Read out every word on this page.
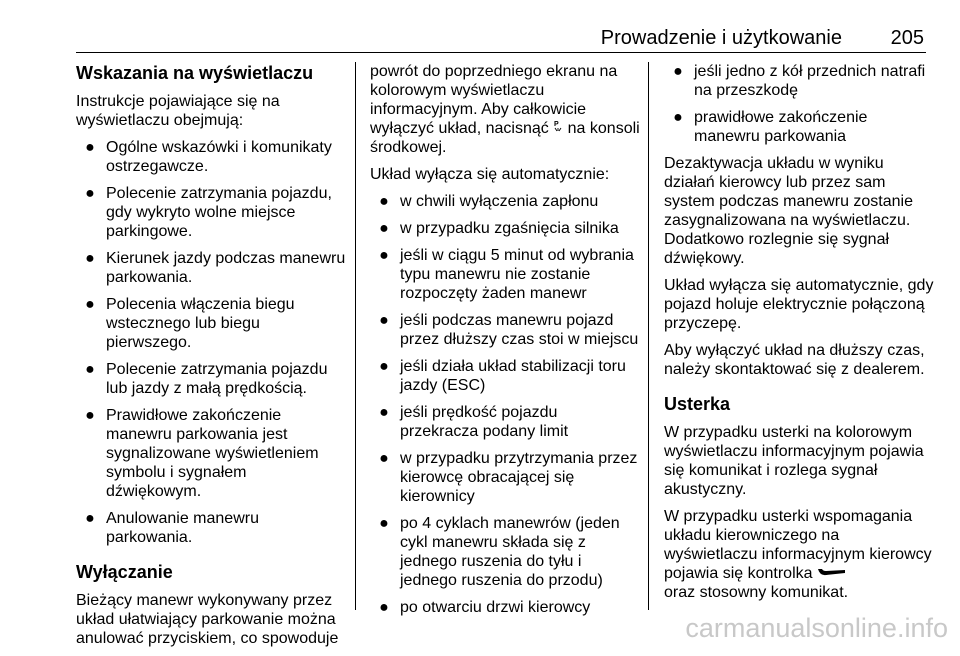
Prowadzenie i użytkowanie 205
Wskazania na wyświetlaczu

Instrukcje pojawiające się na wyświetlaczu obejmują:

● Ogólne wskazówki i komunikaty ostrzegawcze.
● Polecenie zatrzymania pojazdu, gdy wykryto wolne miejsce parkingowe.
● Kierunek jazdy podczas manewru parkowania.
● Polecenia włączenia biegu wstecznego lub biegu pierwszego.
● Polecenie zatrzymania pojazdu lub jazdy z małą prędkością.
● Prawidłowe zakończenie manewru parkowania jest sygnalizowane wyświetleniem symbolu i sygnałem dźwiękowym.
● Anulowanie manewru parkowania.
Wyłączanie

Bieżący manewr wykonywany przez układ ułatwiający parkowanie można anulować przyciskiem, co spowoduje

powrót do poprzedniego ekranu na kolorowym wyświetlaczu informacyjnym. Aby całkowicie wyłączyć układ, nacisnąć P na konsoli środkowej.

Układ wyłącza się automatycznie:

● w chwili wyłączenia zapłonu
● w przypadku zgaśnięcia silnika
● jeśli w ciągu 5 minut od wybrania typu manewru nie zostanie rozpoczęty żaden manewr
● jeśli podczas manewru pojazd przez dłuższy czas stoi w miejscu
● jeśli działa układ stabilizacji toru jazdy (ESC)
● jeśli prędkość pojazdu przekracza podany limit
● w przypadku przytrzymania przez kierowcę obracającej się kierownicy
● po 4 cyklach manewrów (jeden cykl manewru składa się z jednego ruszenia do tyłu i jednego ruszenia do przodu)
● po otwarciu drzwi kierowcy
● jeśli jedno z kół przednich natrafi na przeszkodę
● prawidłowe zakończenie manewru parkowania

Dezaktywacja układu w wyniku działań kierowcy lub przez sam system podczas manewru zostanie zasygnalizowana na wyświetlaczu. Dodatkowo rozlegnie się sygnał dźwiękowy.

Układ wyłącza się automatycznie, gdy pojazd holuje elektrycznie połączoną przyczepę.

Aby wyłączyć układ na dłuższy czas, należy skontaktować się z dealerem.

Usterka

W przypadku usterki na kolorowym wyświetlaczu informacyjnym pojawia się komunikat i rozlega sygnał akustyczny.

W przypadku usterki wspomagania układu kierowniczego na wyświetlaczu informacyjnym kierowcy pojawia się kontrolka
oraz stosowny komunikat.

carmanualsonline.info
